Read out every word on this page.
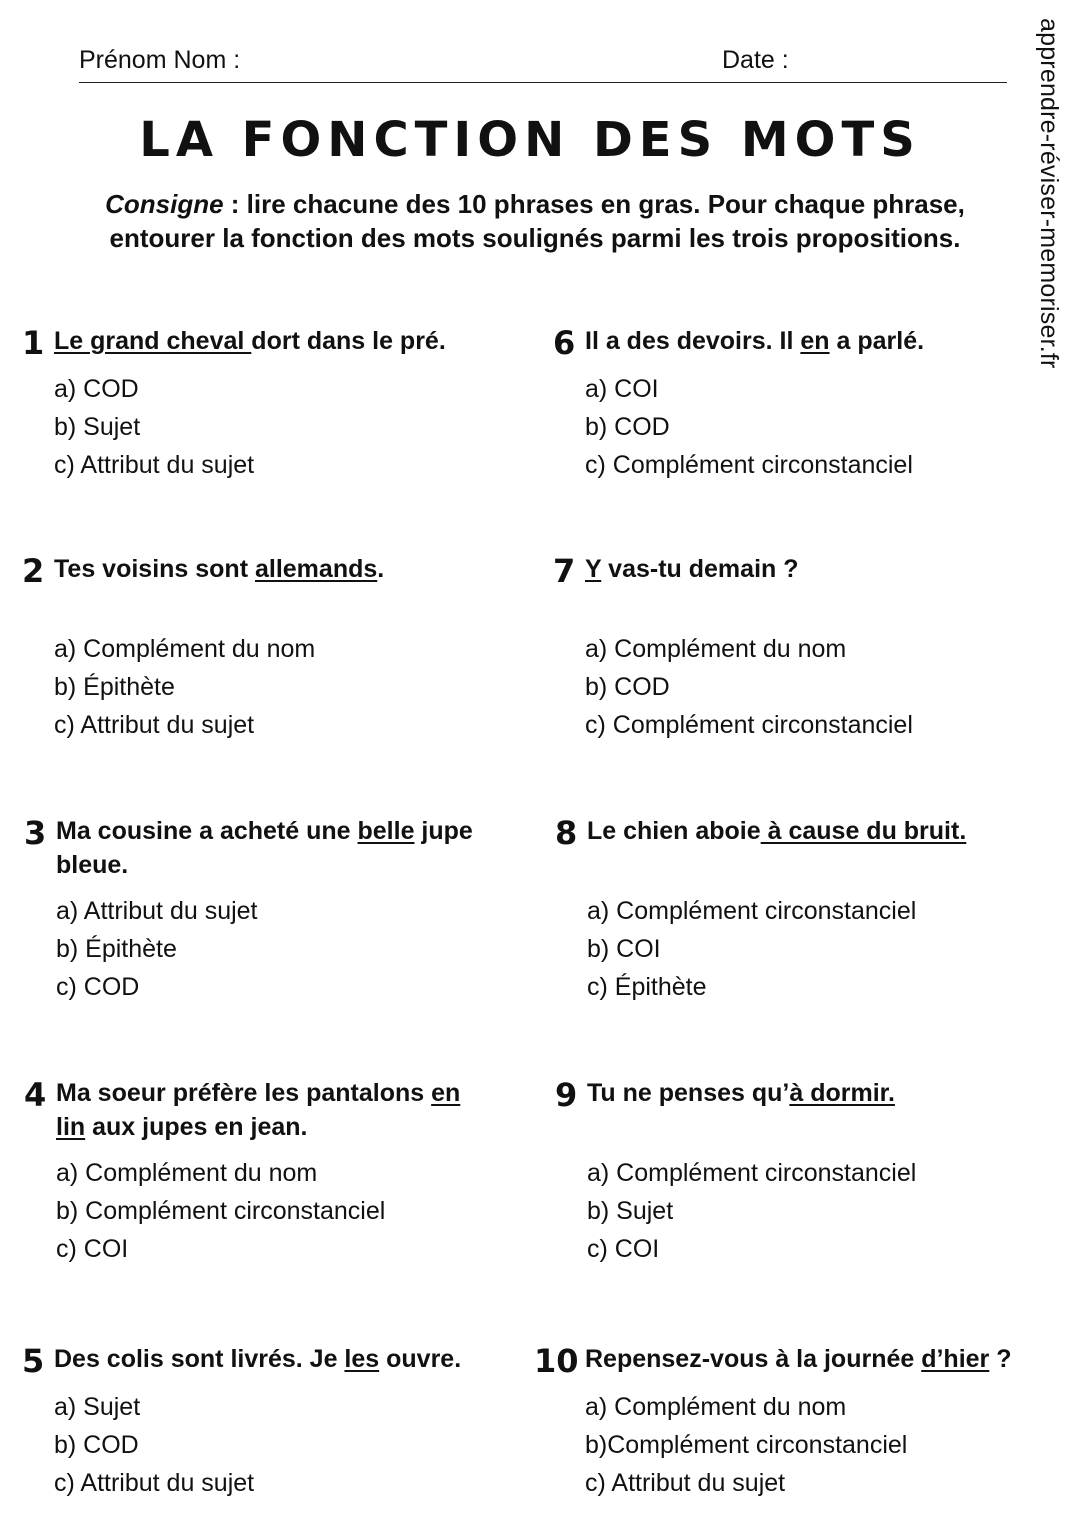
Prénom Nom :	Date :	apprendre-réviser-memoriser.fr
LA FONCTION DES MOTS
Consigne : lire chacune des 10 phrases en gras. Pour chaque phrase, entourer la fonction des mots soulignés parmi les trois propositions.
1 Le grand cheval dort dans le pré.
a) COD
b) Sujet
c) Attribut du sujet
2 Tes voisins sont allemands.
a) Complément du nom
b) Épithète
c) Attribut du sujet
3 Ma cousine a acheté une belle jupe bleue.
a) Attribut du sujet
b) Épithète
c) COD
4 Ma soeur préfère les pantalons en lin aux jupes en jean.
a) Complément du nom
b) Complément circonstanciel
c) COI
5 Des colis sont livrés. Je les ouvre.
a) Sujet
b) COD
c) Attribut du sujet
6 Il a des devoirs. Il en a parlé.
a) COI
b) COD
c) Complément circonstanciel
7 Y vas-tu demain ?
a) Complément du nom
b) COD
c) Complément circonstanciel
8 Le chien aboie à cause du bruit.
a) Complément circonstanciel
b) COI
c) Épithète
9 Tu ne penses qu’à dormir.
a) Complément circonstanciel
b) Sujet
c) COI
10 Repensez-vous à la journée d’hier ?
a) Complément du nom
b)Complément circonstanciel
c) Attribut du sujet
